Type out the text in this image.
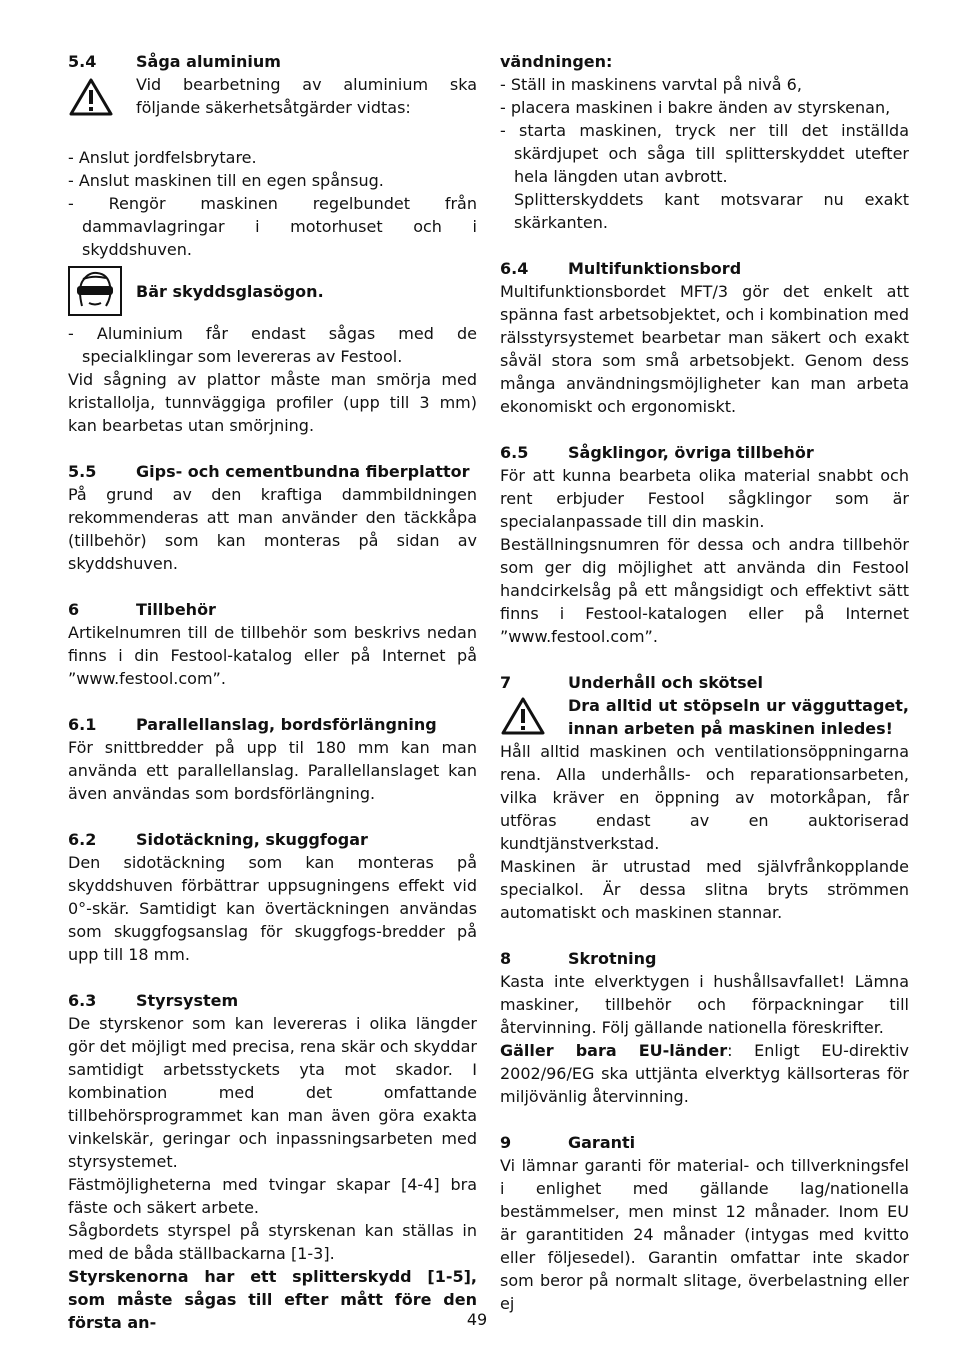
5.4	Såga aluminium

Vid bearbetning av aluminium ska följande säkerhetsåtgärder vidtas:

- Anslut jordfelsbrytare.

- Anslut maskinen till en egen spånsug.

- Rengör maskinen regelbundet från dammavlagringar i motorhuset och i skyddshuven.

Bär skyddsglasögon.

- Aluminium får endast sågas med de specialklingar som levereras av Festool.

Vid sågning av plattor måste man smörja med kristallolja, tunnväggiga profiler (upp till 3 mm) kan bearbetas utan smörjning.

5.5	Gips- och cementbundna fiberplattor

På grund av den kraftiga dammbildningen rekommenderas att man använder den täckkåpa (tillbehör) som kan monteras på sidan av skyddshuven.

6	Tillbehör

Artikelnumren till de tillbehör som beskrivs nedan finns i din Festool-katalog eller på Internet på ”www.festool.com”.

6.1	Parallellanslag, bordsförlängning

För snittbredder på upp til 180 mm kan man använda ett parallellanslag. Parallellanslaget kan även användas som bordsförlängning.

6.2	Sidotäckning, skuggfogar

Den sidotäckning som kan monteras på skyddshuven förbättrar uppsugningens effekt vid 0°-skär. Samtidigt kan övertäckningen användas som skuggfogsanslag för skuggfogs-bredder på upp till 18 mm.

6.3	Styrsystem

De styrskenor som kan levereras i olika längder gör det möjligt med precisa, rena skär och skyddar samtidigt arbetsstyckets yta mot skador. I kombination med det omfattande tillbehörsprogrammet kan man även göra exakta vinkelskär, geringar och inpassningsarbeten med styrsystemet.

Fästmöjligheterna med tvingar skapar [4-4] bra fäste och säkert arbete.

Sågbordets styrspel på styrskenan kan ställas in med de båda ställbackarna [1-3].

Styrskenorna har ett splitterskydd [1-5], som måste sågas till efter mått före den första an-

vändningen:

- Ställ in maskinens varvtal på nivå 6,

- placera maskinen i bakre änden av styrskenan,

- starta maskinen, tryck ner till det inställda skärdjupet och såga till splitterskyddet utefter hela längden utan avbrott.

Splitterskyddets kant motsvarar nu exakt skärkanten.

6.4	Multifunktionsbord

Multifunktionsbordet MFT/3 gör det enkelt att spänna fast arbetsobjektet, och i kombination med rälsstyrsystemet bearbetar man säkert och exakt såväl stora som små arbetsobjekt. Genom dess många användningsmöjligheter kan man arbeta ekonomiskt och ergonomiskt.

6.5	Sågklingor, övriga tillbehör

För att kunna bearbeta olika material snabbt och rent erbjuder Festool sågklingor som är specialanpassade till din maskin.

Beställningsnumren för dessa och andra tillbehör som ger dig möjlighet att använda din Festool handcirkelsåg på ett mångsidigt och effektivt sätt finns i Festool-katalogen eller på Internet ”www.festool.com”.

7	Underhåll och skötsel

Dra alltid ut stöpseln ur vägguttaget, innan arbeten på maskinen inledes!

Håll alltid maskinen och ventilationsöppningarna rena. Alla underhålls- och reparationsarbeten, vilka kräver en öppning av motorkåpan, får utföras endast av en auktoriserad kundtjänstverkstad.

Maskinen är utrustad med självfrånkopplande specialkol. Är dessa slitna bryts strömmen automatiskt och maskinen stannar.

8	Skrotning

Kasta inte elverktygen i hushållsavfallet! Lämna maskiner, tillbehör och förpackningar till återvinning. Följ gällande nationella föreskrifter.

Gäller bara EU-länder: Enligt EU-direktiv 2002/96/EG ska uttjänta elverktyg källsorteras för miljövänlig återvinning.

9	Garanti

Vi lämnar garanti för material- och tillverkningsfel i enlighet med gällande lag/nationella bestämmelser, men minst 12 månader. Inom EU är garantitiden 24 månader (intygas med kvitto eller följesedel). Garantin omfattar inte skador som beror på normalt slitage, överbelastning eller ej

49
